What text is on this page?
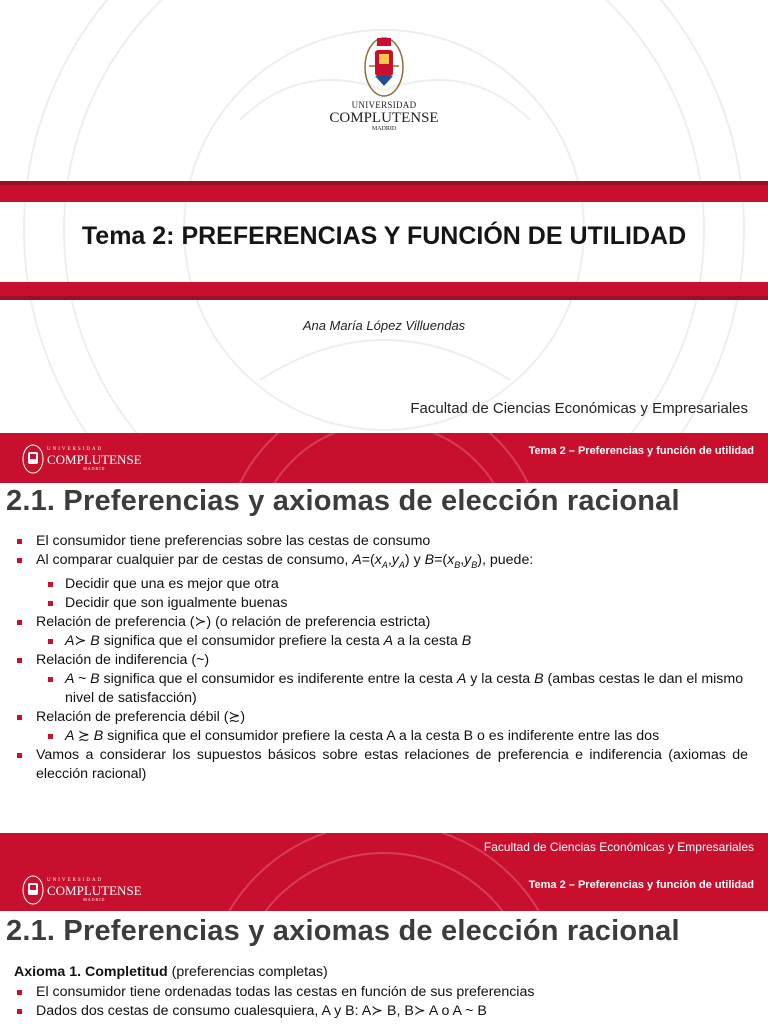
UNIVERSIDAD
COMPLUTENSE
MADRID
Tema 2: PREFERENCIAS Y FUNCIÓN DE UTILIDAD
Ana María López Villuendas
Facultad de Ciencias Económicas y Empresariales
UNIVERSIDAD
COMPLUTENSE
MADRID
Tema 2 – Preferencias y función de utilidad
2.1. Preferencias y axiomas de elección racional
El consumidor tiene preferencias sobre las cestas de consumo
Al comparar cualquier par de cestas de consumo, $A=(x_A,y_A)$ y $B=(x_B,y_B)$, puede:
Decidir que una es mejor que otra
Decidir que son igualmente buenas
Relación de preferencia (≻) (o relación de preferencia estricta)
A≻ B significa que el consumidor prefiere la cesta A a la cesta B
Relación de indiferencia (~)
A ~ B significa que el consumidor es indiferente entre la cesta A y la cesta B (ambas cestas le dan el mismo nivel de satisfacción)
Relación de preferencia débil (≿)
A ≿ B significa que el consumidor prefiere la cesta A a la cesta B o es indiferente entre las dos
Vamos a considerar los supuestos básicos sobre estas relaciones de preferencia e indiferencia (axiomas de elección racional)
Facultad de Ciencias Económicas y Empresariales
UNIVERSIDAD
COMPLUTENSE
MADRID
Tema 2 – Preferencias y función de utilidad
2.1. Preferencias y axiomas de elección racional
Axioma 1. Completitud (preferencias completas)
El consumidor tiene ordenadas todas las cestas en función de sus preferencias
Dados dos cestas de consumo cualesquiera, A y B: A≻ B, B≻ A o A ~ B
